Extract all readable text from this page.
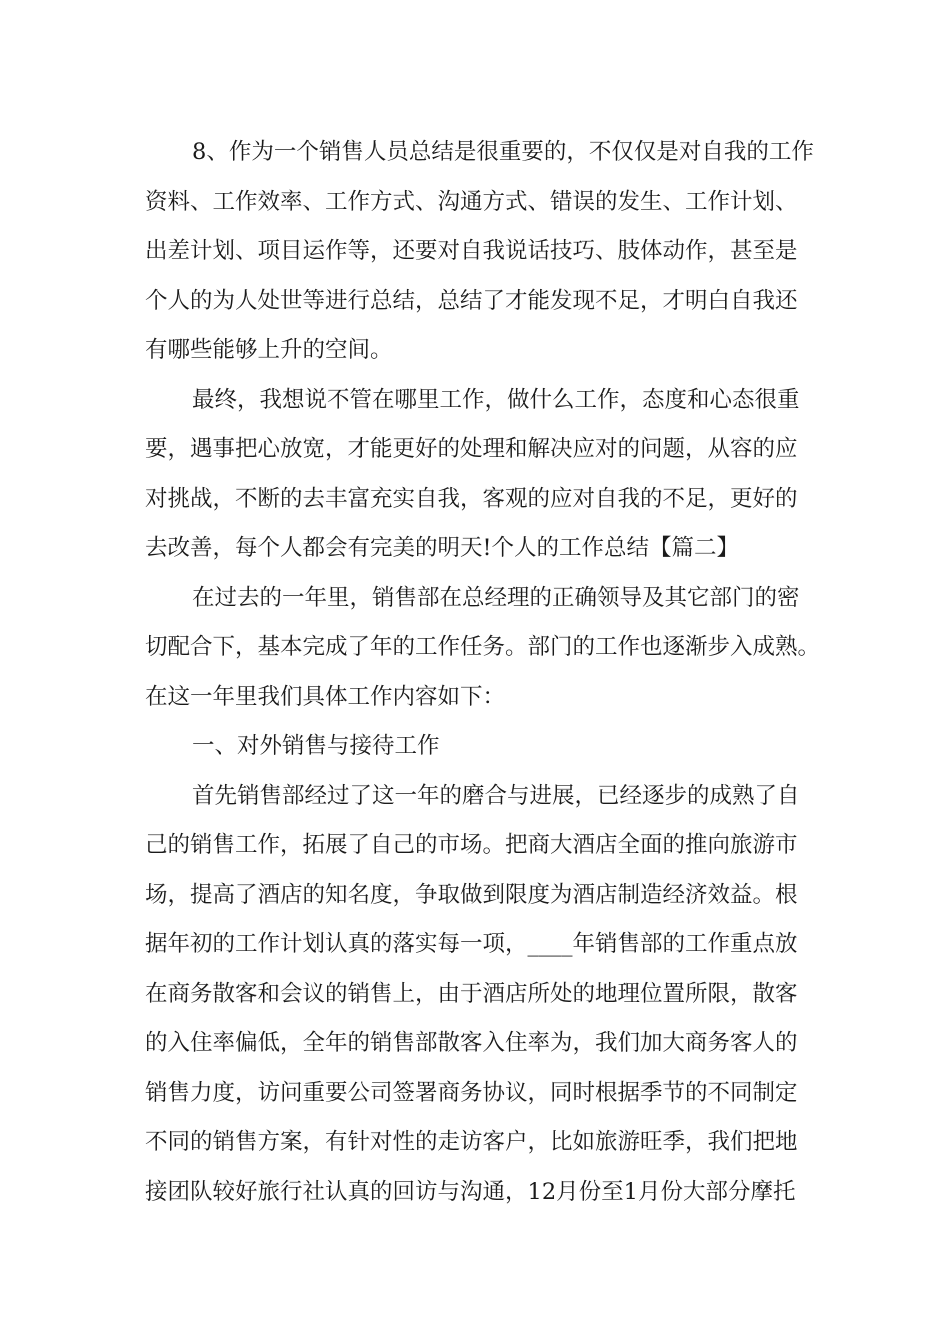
8、作为一个销售人员总结是很重要的，不仅仅是对自我的工作
资料、工作效率、工作方式、沟通方式、错误的发生、工作计划、
出差计划、项目运作等，还要对自我说话技巧、肢体动作，甚至是
个人的为人处世等进行总结，总结了才能发现不足，才明白自我还
有哪些能够上升的空间。
最终，我想说不管在哪里工作，做什么工作，态度和心态很重
要，遇事把心放宽，才能更好的处理和解决应对的问题，从容的应
对挑战，不断的去丰富充实自我，客观的应对自我的不足，更好的
去改善，每个人都会有完美的明天!个人的工作总结【篇二】
在过去的一年里，销售部在总经理的正确领导及其它部门的密
切配合下，基本完成了年的工作任务。部门的工作也逐渐步入成熟。
在这一年里我们具体工作内容如下：
一、对外销售与接待工作
首先销售部经过了这一年的磨合与进展，已经逐步的成熟了自
己的销售工作，拓展了自己的市场。把商大酒店全面的推向旅游市
场，提高了酒店的知名度，争取做到限度为酒店制造经济效益。根
据年初的工作计划认真的落实每一项，____年销售部的工作重点放
在商务散客和会议的销售上，由于酒店所处的地理位置所限，散客
的入住率偏低，全年的销售部散客入住率为，我们加大商务客人的
销售力度，访问重要公司签署商务协议，同时根据季节的不同制定
不同的销售方案，有针对性的走访客户，比如旅游旺季，我们把地
接团队较好旅行社认真的回访与沟通，12月份至1月份大部分摩托
